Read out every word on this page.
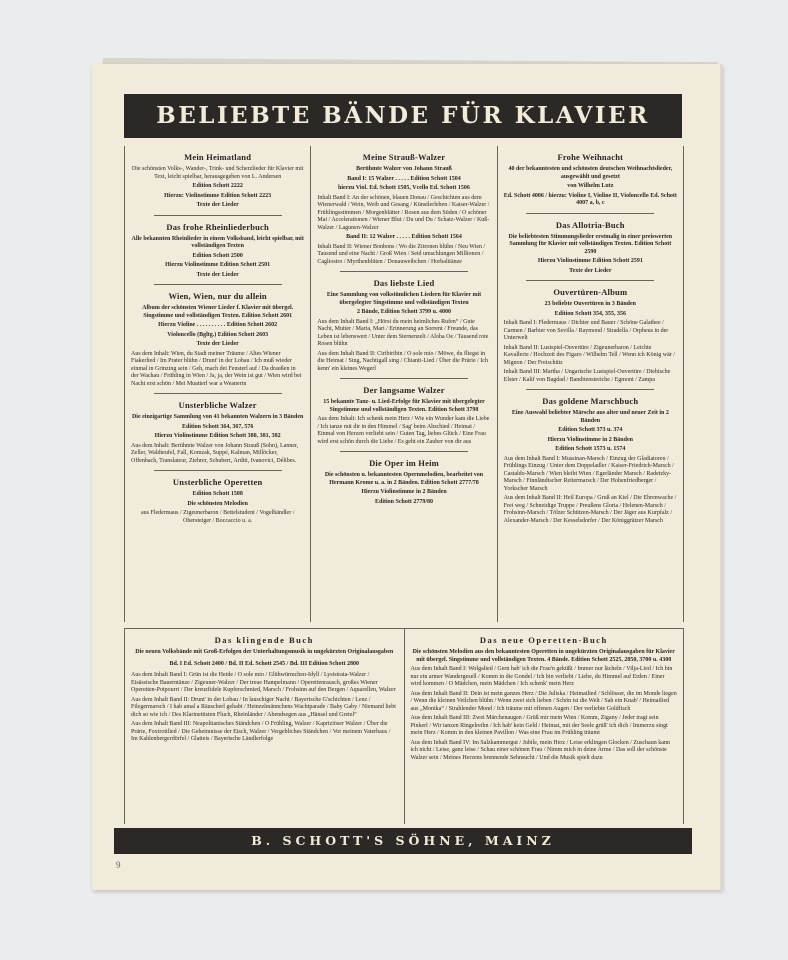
BELIEBTE BÄNDE FÜR KLAVIER
Mein Heimatland
Die schönsten Volks-, Wander-, Trink- und Scherzlieder für Klavier mit Text, leicht spielbar, herausgegeben von L. Andersen
Edition Schott 2222
Hierzu: Violinstimme Edition Schott 2223
Texte der Lieder
Das frohe Rheinliederbuch
Alle bekannten Rheinlieder in einem Volksband, leicht spielbar, mit vollständigen Texten
Edition Schott 2500
Hierzu Violinstimme Edition Schott 2501
Texte der Lieder
Wien, Wien, nur du allein
Album der schönsten Wiener Lieder f. Klavier mit übergel. Singstimme und vollständigen Texten. Edition Schott 2601
Hierzu Violine . . . . . . . . . . Edition Schott 2602
Violoncello (Bgltg.) Edition Schott 2603
Texte der Lieder
Aus dem Inhalt: Wien, du Stadt meiner Träume / Altes Wiener Fiakerlied / Im Prater blühn / Drunt' in der Lobau / Ich muß wieder einmal in Grinzing sein / Geh, mach dei Fensterl auf / Da draußen in der Wachau / Frühling in Wien / Ja, ja, der Wein ist gut / Wien wird bei Nacht erst schön / Mei Muatterl war a Weanerin
Unsterbliche Walzer
Die einzigartige Sammlung von 41 bekannten Walzern in 3 Bänden
Edition Schott 364, 367, 576
Hierzu Violinstimme Edition Schott 380, 381, 382
Aus dem Inhalt: Berühmte Walzer von Johann Strauß (Sohn), Lanner, Zeller, Waldteufel, Fall, Komzak, Suppé, Kalman, Millöcker, Offenbach, Translateur, Ziehrer, Schubert, Arditi, Ivanovici, Délibes.
Unsterbliche Operetten
Edition Schott 1508
Die schönsten Melodien
aus Fledermaus / Zigeunerbaron / Bettelstudent / Vogelhändler / Obersteiger / Boccaccio u. a.
Meine Strauß-Walzer
Berühmte Walzer von Johann Strauß
Band I: 15 Walzer . . . . . Edition Schott 1504
hierzu Viol. Ed. Schott 1505, Vcello Ed. Schott 1506
Inhalt Band I: An der schönen, blauen Donau / Geschichten aus dem Wienerwald / Wein, Weib und Gesang / Künstlerleben / Kaiser-Walzer / Frühlingsstimmen / Morgenblätter / Rosen aus dem Süden / O schöner Mai / Accelerationen / Wiener Blut / Du und Du / Schatz-Walzer / Kuß-Walzer / Lagunen-Walzer
Band II: 12 Walzer . . . . . Edition Schott 1564
Inhalt Band II: Wiener Bonbons / Wo die Zitronen blühn / Neu Wien / Tausend und eine Nacht / Groß Wien / Seid umschlungen Millionen / Cagliostro / Myrthenblüten / Donauweibchen / Horbalitänze
Das liebste Lied
Eine Sammlung von volkstümlichen Liedern für Klavier mit übergelegter Singstimme und vollständigen Texten
2 Bände, Edition Schott 3799 u. 4000
Aus dem Inhalt Band I: „Hörst du mein heimliches Rufen“ / Gute Nacht, Mutter / Maria, Mari / Erinnerung an Sorrent / Freunde, das Leben ist lebenswert / Unter dem Sternenzelt / Aloha Oe / Tausend rote Rosen blühn
Aus dem Inhalt Band II: Ciribiribin / O sole mio / Möwe, du fliegst in die Heimat / Sing, Nachtigall sing / Chianti-Lied / Über die Prärie / Ich kenn' ein kleines Wegerl
Der langsame Walzer
15 bekannte Tanz- u. Lied-Erfolge für Klavier mit übergelegter Singstimme und vollständigen Texten. Edition Schott 3798
Aus dem Inhalt: Ich schenk mein Herz / Wie ein Wunder kam die Liebe / Ich tanze mit dir in den Himmel / Sag' beim Abschied / Heimat / Einmal von Herzen verliebt sein / Guten Tag, liebes Glück / Eine Frau wird erst schön durch die Liebe / Es geht ein Zauber von dir aus
Die Oper im Heim
Die schönsten u. bekanntesten Opernmelodien, bearbeitet von Hermann Krome u. a. in 2 Bänden. Edition Schott 2777/78
Hierzu Violinstimme in 2 Bänden
Edition Schott 2779/80
Frohe Weihnacht
40 der bekanntesten und schönsten deutschen Weihnachtslieder, ausgewählt und gesetzt
von Wilhelm Lutz
Ed. Schott 4006 / hierzu: Violine I, Violine II, Violoncello Ed. Schott 4007 a, b, c
Das Allotria-Buch
Die beliebtesten Stimmungslieder erstmalig in einer preiswerten Sammlung für Klavier mit vollständigen Texten. Edition Schott 2590
Hierzu Violinstimme Edition Schott 2591
Texte der Lieder
Ouvertüren-Album
23 beliebte Ouvertüren in 3 Bänden
Edition Schott 354, 355, 356
Inhalt Band I: Fledermaus / Dichter und Bauer / Schöne Galathee / Carmen / Barbier von Sevilla / Raymond / Stradella / Orpheus in der Unterwelt
Inhalt Band II: Lustspiel-Ouvertüre / Zigeunerbaron / Leichte Kavallerie / Hochzeit des Figaro / Wilhelm Tell / Wenn ich König wär / Mignon / Der Freischütz
Inhalt Band III: Martha / Ungarische Lustspiel-Ouvertüre / Diebische Elster / Kalif von Bagdad / Banditenstreiche / Egmont / Zampa
Das goldene Marschbuch
Eine Auswahl beliebter Märsche aus alter und neuer Zeit in 2 Bänden
Edition Schott 373 u. 374
Hierzu Violinstimme in 2 Bänden
Edition Schott 1573 u. 1574
Aus dem Inhalt Band I: Mussinan-Marsch / Einzug der Gladiatoren / Frühlings Einzug / Unter dem Doppeladler / Kaiser-Friedrich-Marsch / Castaldo-Marsch / Wien bleibt Wien / Egerländer Marsch / Radetzky-Marsch / Finnländischer Reitermarsch / Der Hohenfriedberger / Yorkscher Marsch
Aus dem Inhalt Band II: Heil Europa / Gruß an Kiel / Die Ehrenwache / Frei weg / Schneidige Truppe / Preußens Gloria / Helenen-Marsch / Frohsinn-Marsch / Tölzer Schützen-Marsch / Der Jäger aus Kurpfalz / Alexander-Marsch / Der Kesselsdorfer / Der Königgrätzer Marsch
Das klingende Buch
Die neuen Volksbände mit Groß-Erfolgen der Unterhaltungsmusik in ungekürzten Originalausgaben
Bd. I Ed. Schott 2400 / Bd. II Ed. Schott 2545 / Bd. III Edition Schott 2800
Aus dem Inhalt Band I: Grün ist die Heide / O sole mio / Glühwürmchen-Idyll / Lysistrata-Walzer / Eisässische Bauerntänze / Zigeuner-Walzer / Der treue Hampelmann / Operettenrausch, großes Wiener Operetten-Potpourri / Der kreuzfidele Kupferschmied, Marsch / Frohsinn auf den Bergen / Aquarellen, Walzer
Aus dem Inhalt Band II: Drunt' in der Lobau / In lauschiger Nacht / Bayerische G'schichten / Lenz / Filegermarsch / I hab amal a Räuscherl gehabt / Heinzelmännchens Wachtparade / Baby Gaby / Niemand liebt dich so wie ich / Des Klarinettisten Fluch, Rheinländer / Abendsegen aus „Hänsel und Gretel“
Aus dem Inhalt Band III: Neapolitanisches Ständchen / O Frühling, Walzer / Kapriziöser Walzer / Über die Prärie, Foxtrottlied / Die Geheimnisse der Etsch, Walzer / Vergebliches Ständchen / Vor meinem Vaterhaus / Im Kahlenbergerdörfel / Glatteis / Bayerische Ländlerfolge
Das neue Operetten-Buch
Die schönsten Melodien aus den bekanntesten Operetten in ungekürzten Originalausgaben für Klavier mit übergel. Singstimme und vollständigen Texten. 4 Bände. Edition Schott 2525, 2850, 3700 u. 4300
Aus dem Inhalt Band I: Wolgalied / Gern hab' ich die Frau'n geküßt / Immer nur lächeln / Vilja-Lied / Ich bin nur ein armer Wandergesell / Komm in die Gondel / Ich bin verliebt / Liebe, du Himmel auf Erden / Einer wird kommen / O Mädchen, mein Mädchen / Ich schenk' mein Herz
Aus dem Inhalt Band II: Dein ist mein ganzes Herz / Die Juliska / Heimatlied / Schlösser, die im Monde liegen / Wenn die kleinen Veilchen blühn / Wenn zwei sich lieben / Schön ist die Welt / Sah ein Knab' / Heimatlied aus „Monika“ / Strahlender Mond / Ich träume mit offenen Augen / Der verliebte Goldfisch
Aus dem Inhalt Band III: Zwei Märchenaugen / Grüß mir mein Wien / Komm, Zigany / Jeder tragt sein Pinkerl / Wir tanzen Ringelreihn / Ich hab' kein Geld / Heimat, mit der Seele grüß' ich dich / Immerzu singt mein Herz / Komm in den kleinen Pavillon / Was eine Frau im Frühling träumt
Aus dem Inhalt Band IV: Im Salzkammergut / Jubile, mein Herz / Leise erklingen Glocken / Zuschaun kann ich nicht / Leise, ganz leise / Schau einer schönen Frau / Nimm mich in deine Arme / Das soll der schönste Walzer sein / Meines Herzens brennende Sehnsucht / Und die Musik spielt dazu
B. SCHOTT'S SÖHNE, MAINZ
9
